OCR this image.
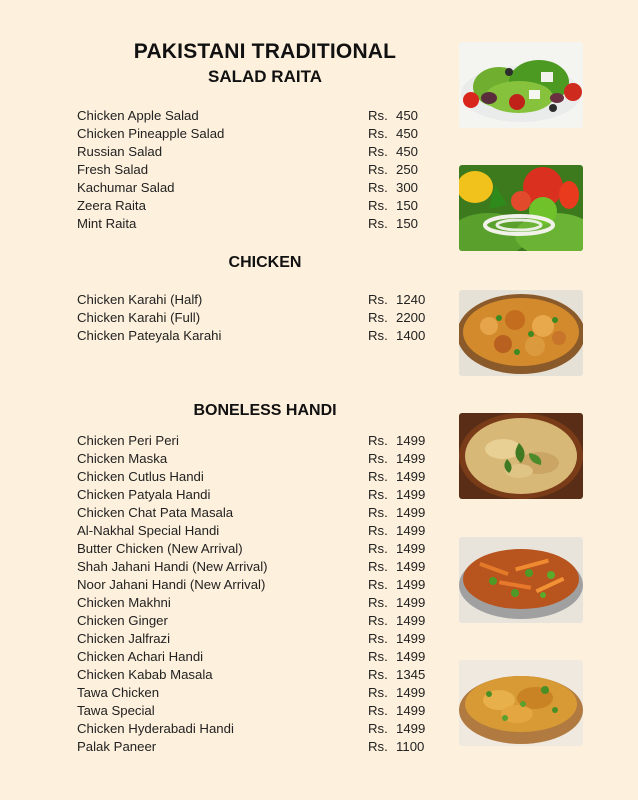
PAKISTANI TRADITIONAL
SALAD RAITA
Chicken Apple Salad	Rs. 450
Chicken Pineapple Salad	Rs. 450
Russian Salad	Rs. 450
Fresh Salad	Rs. 250
Kachumar Salad	Rs. 300
Zeera Raita	Rs. 150
Mint Raita	Rs. 150
CHICKEN
Chicken Karahi (Half)	Rs. 1240
Chicken Karahi (Full)	Rs. 2200
Chicken Pateyala Karahi	Rs. 1400
BONELESS HANDI
Chicken Peri Peri	Rs. 1499
Chicken Maska	Rs. 1499
Chicken Cutlus Handi	Rs. 1499
Chicken Patyala Handi	Rs. 1499
Chicken Chat Pata Masala	Rs. 1499
Al-Nakhal Special Handi	Rs. 1499
Butter Chicken (New Arrival)	Rs. 1499
Shah Jahani Handi (New Arrival)	Rs. 1499
Noor Jahani Handi (New Arrival)	Rs. 1499
Chicken Makhni	Rs. 1499
Chicken Ginger	Rs. 1499
Chicken Jalfrazi	Rs. 1499
Chicken Achari Handi	Rs. 1499
Chicken Kabab Masala	Rs. 1345
Tawa Chicken	Rs. 1499
Tawa Special	Rs. 1499
Chicken Hyderabadi Handi	Rs. 1499
Palak Paneer	Rs. 1100
